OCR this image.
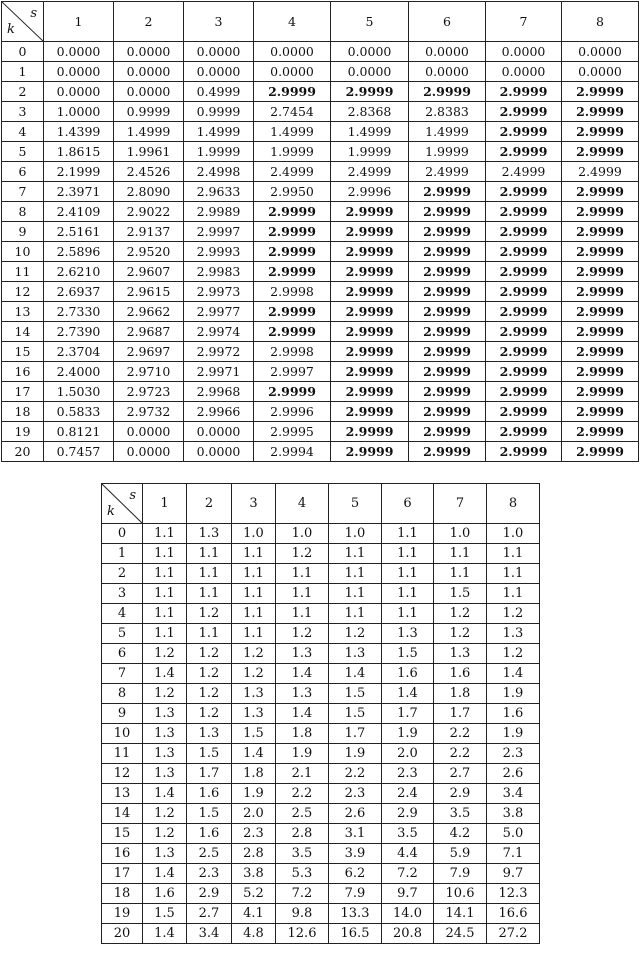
s
k	1	2	3	4	5	6	7	8
0	0.0000	0.0000	0.0000	0.0000	0.0000	0.0000	0.0000	0.0000
1	0.0000	0.0000	0.0000	0.0000	0.0000	0.0000	0.0000	0.0000
2	0.0000	0.0000	0.4999	2.9999	2.9999	2.9999	2.9999	2.9999
3	1.0000	0.9999	0.9999	2.7454	2.8368	2.8383	2.9999	2.9999
4	1.4399	1.4999	1.4999	1.4999	1.4999	1.4999	2.9999	2.9999
5	1.8615	1.9961	1.9999	1.9999	1.9999	1.9999	2.9999	2.9999
6	2.1999	2.4526	2.4998	2.4999	2.4999	2.4999	2.4999	2.4999
7	2.3971	2.8090	2.9633	2.9950	2.9996	2.9999	2.9999	2.9999
8	2.4109	2.9022	2.9989	2.9999	2.9999	2.9999	2.9999	2.9999
9	2.5161	2.9137	2.9997	2.9999	2.9999	2.9999	2.9999	2.9999
10	2.5896	2.9520	2.9993	2.9999	2.9999	2.9999	2.9999	2.9999
11	2.6210	2.9607	2.9983	2.9999	2.9999	2.9999	2.9999	2.9999
12	2.6937	2.9615	2.9973	2.9998	2.9999	2.9999	2.9999	2.9999
13	2.7330	2.9662	2.9977	2.9999	2.9999	2.9999	2.9999	2.9999
14	2.7390	2.9687	2.9974	2.9999	2.9999	2.9999	2.9999	2.9999
15	2.3704	2.9697	2.9972	2.9998	2.9999	2.9999	2.9999	2.9999
16	2.4000	2.9710	2.9971	2.9997	2.9999	2.9999	2.9999	2.9999
17	1.5030	2.9723	2.9968	2.9999	2.9999	2.9999	2.9999	2.9999
18	0.5833	2.9732	2.9966	2.9996	2.9999	2.9999	2.9999	2.9999
19	0.8121	0.0000	0.0000	2.9995	2.9999	2.9999	2.9999	2.9999
20	0.7457	0.0000	0.0000	2.9994	2.9999	2.9999	2.9999	2.9999
s
k	1	2	3	4	5	6	7	8
0	1.1	1.3	1.0	1.0	1.0	1.1	1.0	1.0
1	1.1	1.1	1.1	1.2	1.1	1.1	1.1	1.1
2	1.1	1.1	1.1	1.1	1.1	1.1	1.1	1.1
3	1.1	1.1	1.1	1.1	1.1	1.1	1.5	1.1
4	1.1	1.2	1.1	1.1	1.1	1.1	1.2	1.2
5	1.1	1.1	1.1	1.2	1.2	1.3	1.2	1.3
6	1.2	1.2	1.2	1.3	1.3	1.5	1.3	1.2
7	1.4	1.2	1.2	1.4	1.4	1.6	1.6	1.4
8	1.2	1.2	1.3	1.3	1.5	1.4	1.8	1.9
9	1.3	1.2	1.3	1.4	1.5	1.7	1.7	1.6
10	1.3	1.3	1.5	1.8	1.7	1.9	2.2	1.9
11	1.3	1.5	1.4	1.9	1.9	2.0	2.2	2.3
12	1.3	1.7	1.8	2.1	2.2	2.3	2.7	2.6
13	1.4	1.6	1.9	2.2	2.3	2.4	2.9	3.4
14	1.2	1.5	2.0	2.5	2.6	2.9	3.5	3.8
15	1.2	1.6	2.3	2.8	3.1	3.5	4.2	5.0
16	1.3	2.5	2.8	3.5	3.9	4.4	5.9	7.1
17	1.4	2.3	3.8	5.3	6.2	7.2	7.9	9.7
18	1.6	2.9	5.2	7.2	7.9	9.7	10.6	12.3
19	1.5	2.7	4.1	9.8	13.3	14.0	14.1	16.6
20	1.4	3.4	4.8	12.6	16.5	20.8	24.5	27.2
